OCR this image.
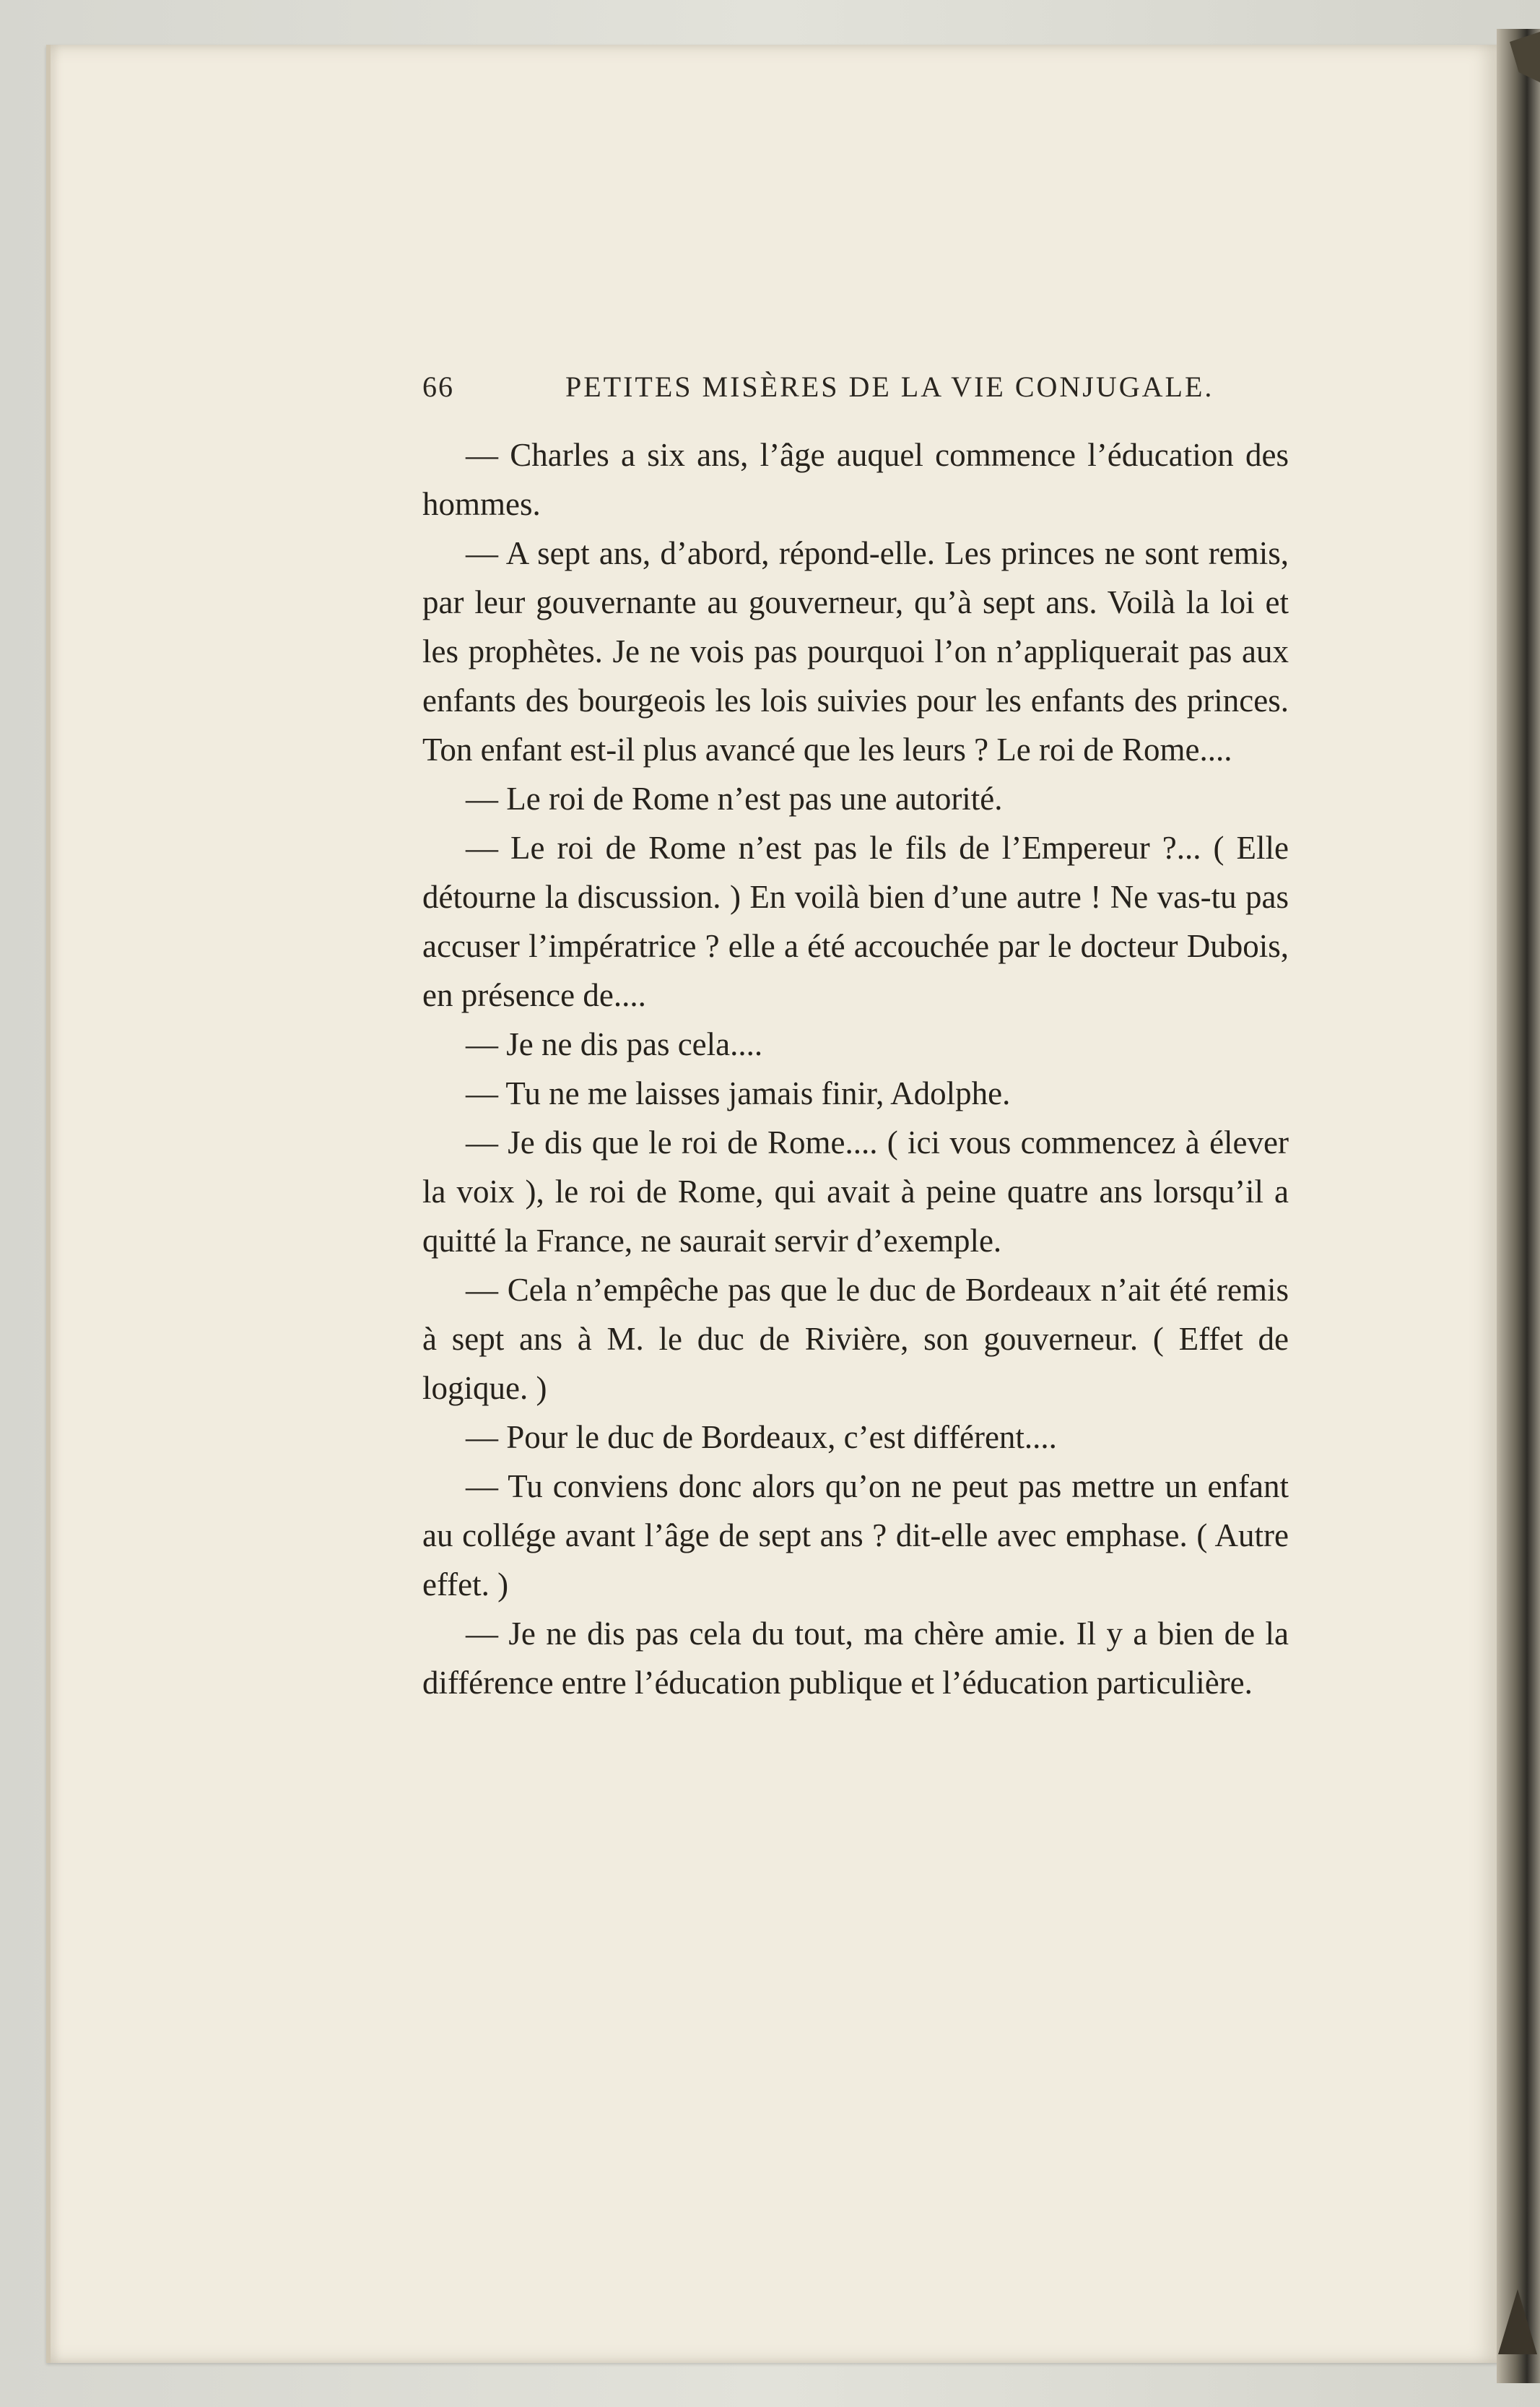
66	PETITES MISÈRES DE LA VIE CONJUGALE.

— Charles a six ans, l’âge auquel commence l’éducation des hommes.

— A sept ans, d’abord, répond-elle. Les princes ne sont remis, par leur gouvernante au gouverneur, qu’à sept ans. Voilà la loi et les prophètes. Je ne vois pas pourquoi l’on n’appliquerait pas aux enfants des bourgeois les lois suivies pour les enfants des princes. Ton enfant est-il plus avancé que les leurs ? Le roi de Rome....

— Le roi de Rome n’est pas une autorité.

— Le roi de Rome n’est pas le fils de l’Empereur ?... ( Elle détourne la discussion. ) En voilà bien d’une autre ! Ne vas-tu pas accuser l’impératrice ? elle a été accouchée par le docteur Dubois, en présence de....

— Je ne dis pas cela....

— Tu ne me laisses jamais finir, Adolphe.

— Je dis que le roi de Rome.... ( ici vous commencez à élever la voix ), le roi de Rome, qui avait à peine quatre ans lorsqu’il a quitté la France, ne saurait servir d’exemple.

— Cela n’empêche pas que le duc de Bordeaux n’ait été remis à sept ans à M. le duc de Rivière, son gouverneur. ( Effet de logique. )

— Pour le duc de Bordeaux, c’est différent....

— Tu conviens donc alors qu’on ne peut pas mettre un enfant au collége avant l’âge de sept ans ? dit-elle avec emphase. ( Autre effet. )

— Je ne dis pas cela du tout, ma chère amie. Il y a bien de la différence entre l’éducation publique et l’éducation particulière.
